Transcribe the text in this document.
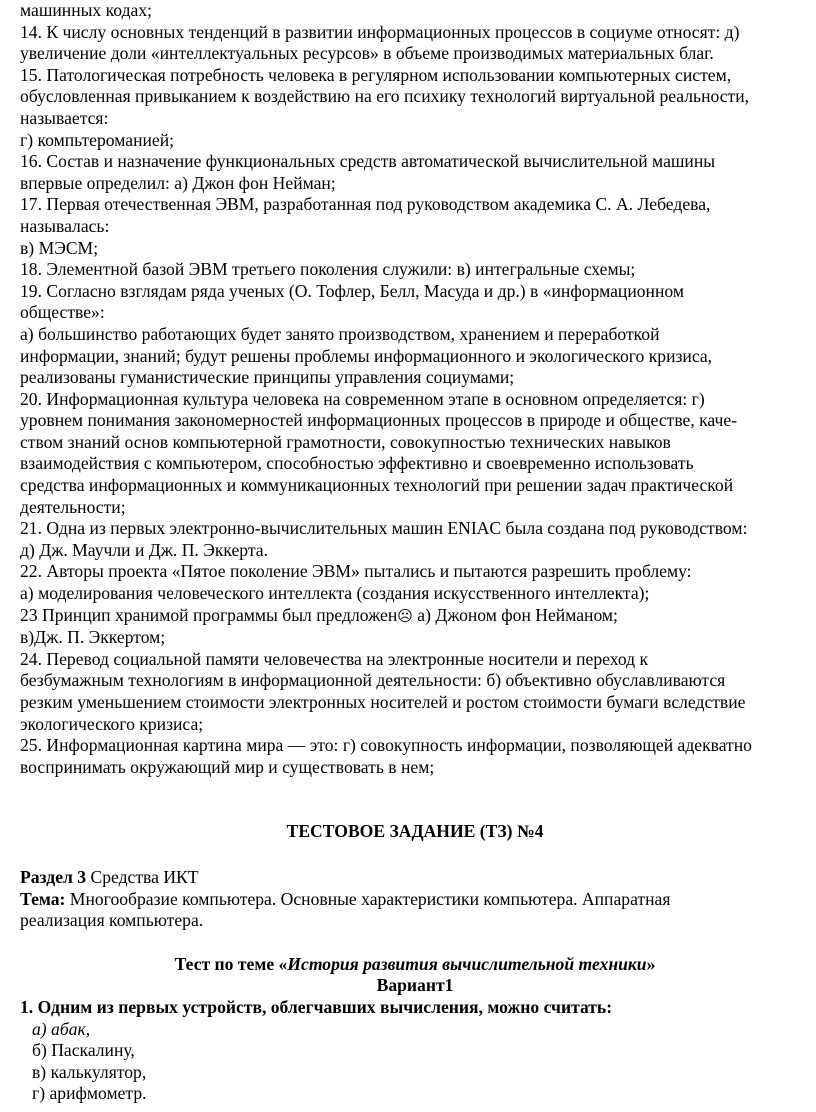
машинных кодах;
14. К числу основных тенденций в развитии информационных процессов в социуме относят: д)
увеличение доли «интеллектуальных ресурсов» в объеме производимых материальных благ.
15. Патологическая потребность человека в регулярном использовании компьютерных систем,
обусловленная привыканием к воздействию на его психику технологий виртуальной реальности,
называется:
г) компьтероманией;
16. Состав и назначение функциональных средств автоматической вычислительной машины
впервые определил: а) Джон фон Нейман;
17. Первая отечественная ЭВМ, разработанная под руководством академика С. А. Лебедева,
называлась:
в) МЭСМ;
18. Элементной базой ЭВМ третьего поколения служили: в) интегральные схемы;
19. Согласно взглядам ряда ученых (О. Тофлер, Белл, Масуда и др.) в «информационном
обществе»:
а) большинство работающих будет занято производством, хранением и переработкой
информации, знаний; будут решены проблемы информационного и экологического кризиса,
реализованы гуманистические принципы управления социумами;
20. Информационная культура человека на современном этапе в основном определяется: г)
уровнем понимания закономерностей информационных процессов в природе и обществе, каче-
ством знаний основ компьютерной грамотности, совокупностью технических навыков
взаимодействия с компьютером, способностью эффективно и своевременно использовать
средства информационных и коммуникационных технологий при решении задач практической
деятельности;
21. Одна из первых электронно-вычислительных машин ENIAC была создана под руководством:
д) Дж. Маучли и Дж. П. Эккерта.
22. Авторы проекта «Пятое поколение ЭВМ» пытались и пытаются разрешить проблему:
а) моделирования человеческого интеллекта (создания искусственного интеллекта);
23 Принцип хранимой программы был предложен☹ а) Джоном фон Нейманом;
в)Дж. П. Эккертом;
24. Перевод социальной памяти человечества на электронные носители и переход к
безбумажным технологиям в информационной деятельности: б) объективно обуславливаются
резким уменьшением стоимости электронных носителей и ростом стоимости бумаги вследствие
экологического кризиса;
25. Информационная картина мира — это: г) совокупность информации, позволяющей адекватно
воспринимать окружающий мир и существовать в нем;
ТЕСТОВОЕ ЗАДАНИЕ (ТЗ) №4
Раздел 3 Средства ИКТ
Тема: Многообразие компьютера. Основные характеристики компьютера. Аппаратная
реализация компьютера.
Тест по теме «История развития вычислительной техники»
Вариант1
1. Одним из первых устройств, облегчавших вычисления, можно считать:
а) абак,
б) Паскалину,
в) калькулятор,
г) арифмометр.
